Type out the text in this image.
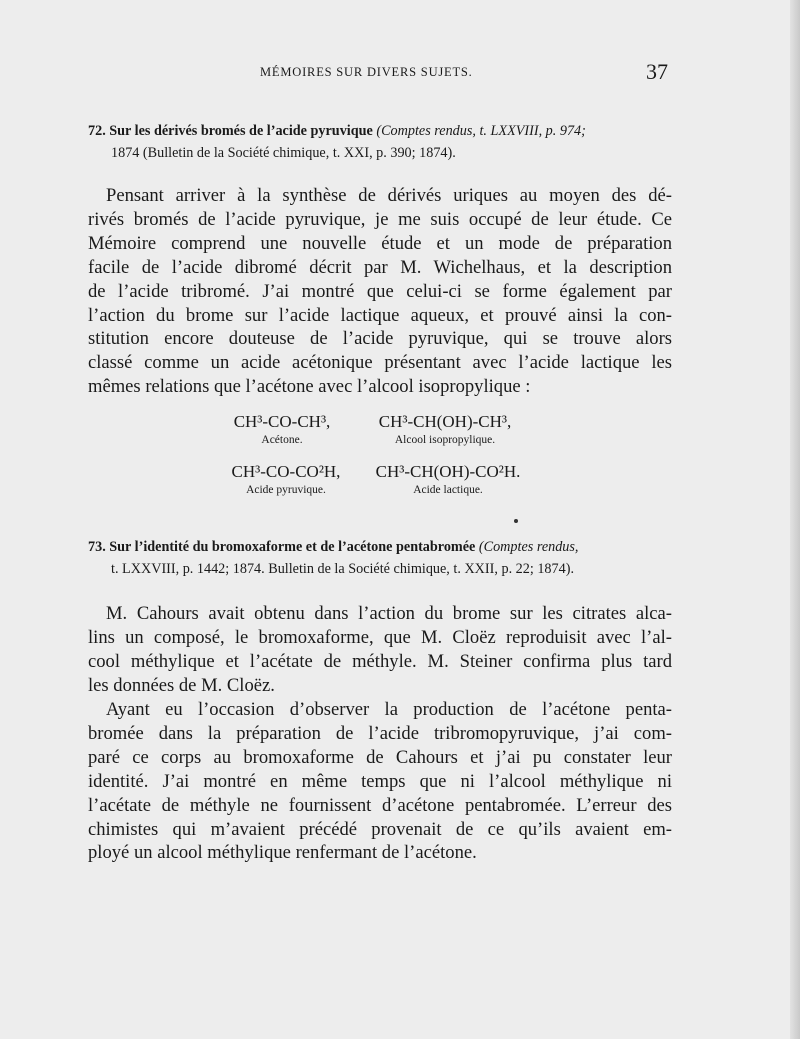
MÉMOIRES SUR DIVERS SUJETS.	37
72. Sur les dérivés bromés de l’acide pyruvique (Comptes rendus, t. LXXVIII, p. 974;
1874 (Bulletin de la Société chimique, t. XXI, p. 390; 1874).
Pensant arriver à la synthèse de dérivés uriques au moyen des dé-
rivés bromés de l’acide pyruvique, je me suis occupé de leur étude. Ce
Mémoire comprend une nouvelle étude et un mode de préparation
facile de l’acide dibromé décrit par M. Wichelhaus, et la description
de l’acide tribromé. J’ai montré que celui-ci se forme également par
l’action du brome sur l’acide lactique aqueux, et prouvé ainsi la con-
stitution encore douteuse de l’acide pyruvique, qui se trouve alors
classé comme un acide acétonique présentant avec l’acide lactique les
mêmes relations que l’acétone avec l’alcool isopropylique :
CH³-CO-CH³,
Acétone.
CH³-CH(OH)-CH³,
Alcool isopropylique.
CH³-CO-CO²H,
Acide pyruvique.
CH³-CH(OH)-CO²H.
Acide lactique.
73. Sur l’identité du bromoxaforme et de l’acétone pentabromée (Comptes rendus,
t. LXXVIII, p. 1442; 1874. Bulletin de la Société chimique, t. XXII, p. 22; 1874).
M. Cahours avait obtenu dans l’action du brome sur les citrates alca-
lins un composé, le bromoxaforme, que M. Cloëz reproduisit avec l’al-
cool méthylique et l’acétate de méthyle. M. Steiner confirma plus tard
les données de M. Cloëz.
Ayant eu l’occasion d’observer la production de l’acétone penta-
bromée dans la préparation de l’acide tribromopyruvique, j’ai com-
paré ce corps au bromoxaforme de Cahours et j’ai pu constater leur
identité. J’ai montré en même temps que ni l’alcool méthylique ni
l’acétate de méthyle ne fournissent d’acétone pentabromée. L’erreur des
chimistes qui m’avaient précédé provenait de ce qu’ils avaient em-
ployé un alcool méthylique renfermant de l’acétone.
